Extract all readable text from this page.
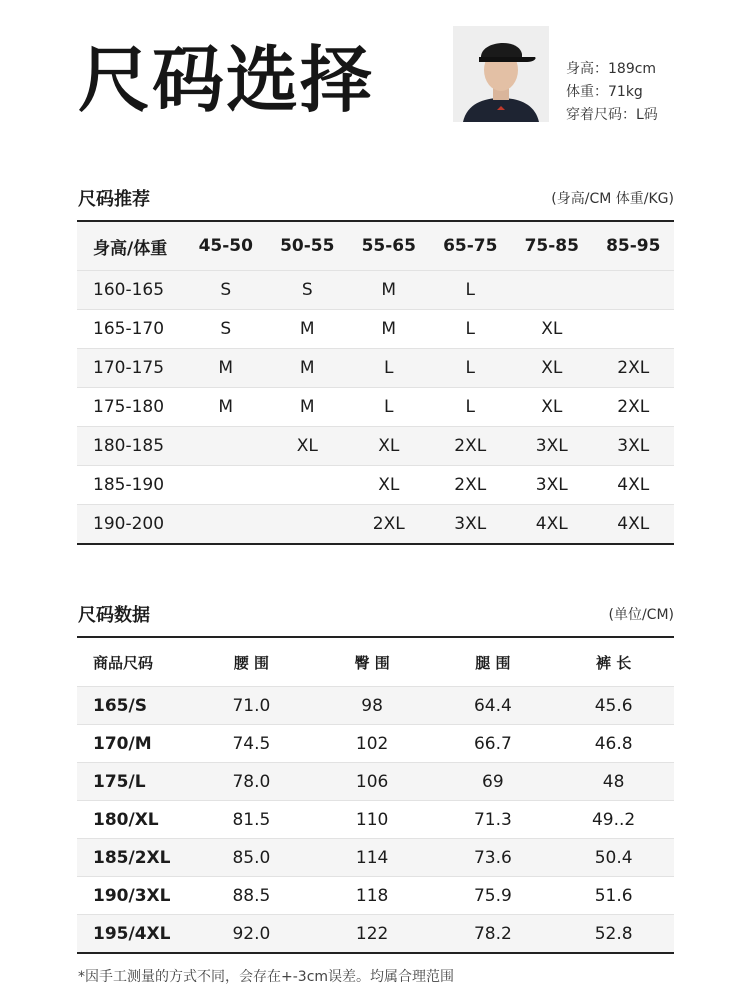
尺码选择	身高：189cm
体重：71kg
穿着尺码：L码
尺码推荐	(身高/CM 体重/KG)
身高/体重	45-50	50-55	55-65	65-75	75-85	85-95
160-165	S	S	M	L		
165-170	S	M	M	L	XL	
170-175	M	M	L	L	XL	2XL
175-180	M	M	L	L	XL	2XL
180-185		XL	XL	2XL	3XL	3XL
185-190			XL	2XL	3XL	4XL
190-200			2XL	3XL	4XL	4XL
尺码数据	(单位/CM)
商品尺码	腰 围	臀 围	腿 围	裤 长
165/S	71.0	98	64.4	45.6
170/M	74.5	102	66.7	46.8
175/L	78.0	106	69	48
180/XL	81.5	110	71.3	49..2
185/2XL	85.0	114	73.6	50.4
190/3XL	88.5	118	75.9	51.6
195/4XL	92.0	122	78.2	52.8
*因手工测量的方式不同，会存在+-3cm误差。均属合理范围
